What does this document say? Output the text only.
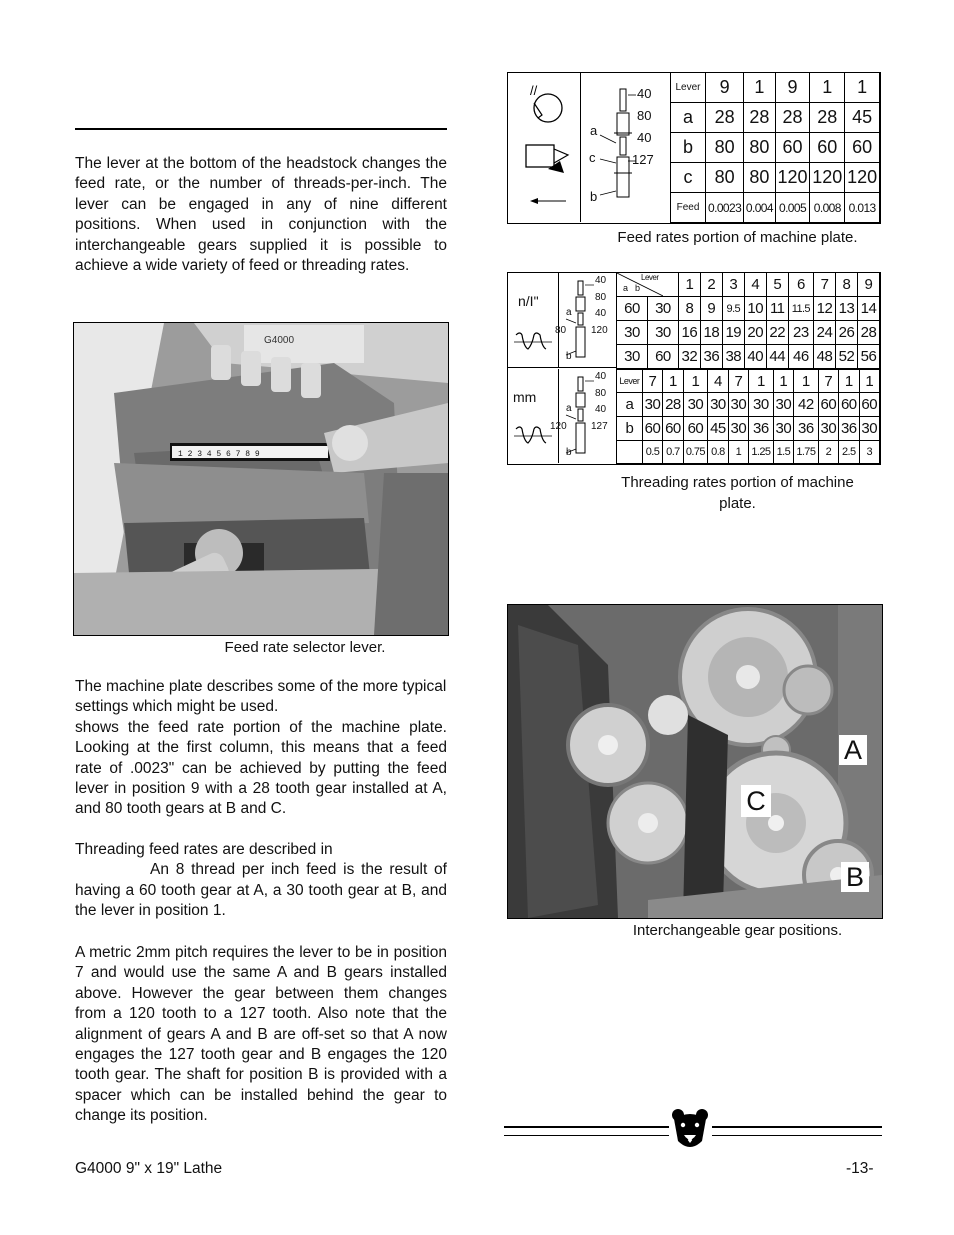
The lever at the bottom of the headstock changes the feed rate, or the number of threads-per-inch. The lever can be engaged in any of nine different positions. When used in conjunction with the interchangeable gears supplied it is possible to achieve a wide variety of feed or threading rates.

G4000
1 2 3 4 5 6 7 8 9
Feed rate selector lever.

The machine plate describes some of the more typical settings which might be used.

shows the feed rate portion of the machine plate. Looking at the first column, this means that a feed rate of .0023" can be achieved by putting the feed lever in position 9 with a 28 tooth gear installed at A, and 80 tooth gears at B and C.

Threading feed rates are described in

An 8 thread per inch feed is the result of having a 60 tooth gear at A, a 30 tooth gear at B, and the lever in position 1.

A metric 2mm pitch requires the lever to be in position 7 and would use the same A and B gears installed above. However the gear between them changes from a 120 tooth to a 127 tooth. Also note that the alignment of gears A and B are off-set so that A now engages the 127 tooth gear and B engages the 120 tooth gear. The shaft for position B is provided with a spacer which can be installed behind the gear to change its position.

//	40
80
40
127
a
c
b
Lever	9	1	9	1	1
a	28	28	28	28	45
b	80	80	60	60	60
c	80	80	120	120	120
Feed	0.0023	0.004	0.005	0.008	0.013
Feed rates portion of machine plate.
n/I"
40
80
40
120
80
a
b
Lever
a b		1	2	3	4	5	6	7	8	9
60	30	8	9	9.5	10	11	11.5	12	13	14
30	30	16	18	19	20	22	23	24	26	28
30	60	32	36	38	40	44	46	48	52	56
mm
40
80
40
127
120
a
b
Lever	7	1	1	4	7	1	1	1	7	1	1
a	30	28	30	30	30	30	30	42	60	60	60
b	60	60	60	45	30	36	30	36	30	36	30
	0.5	0.7	0.75	0.8	1	1.25	1.5	1.75	2	2.5	3
Threading rates portion of machine
plate.
A
C
B
Interchangeable gear positions.
G4000 9" x 19" Lathe	-13-
